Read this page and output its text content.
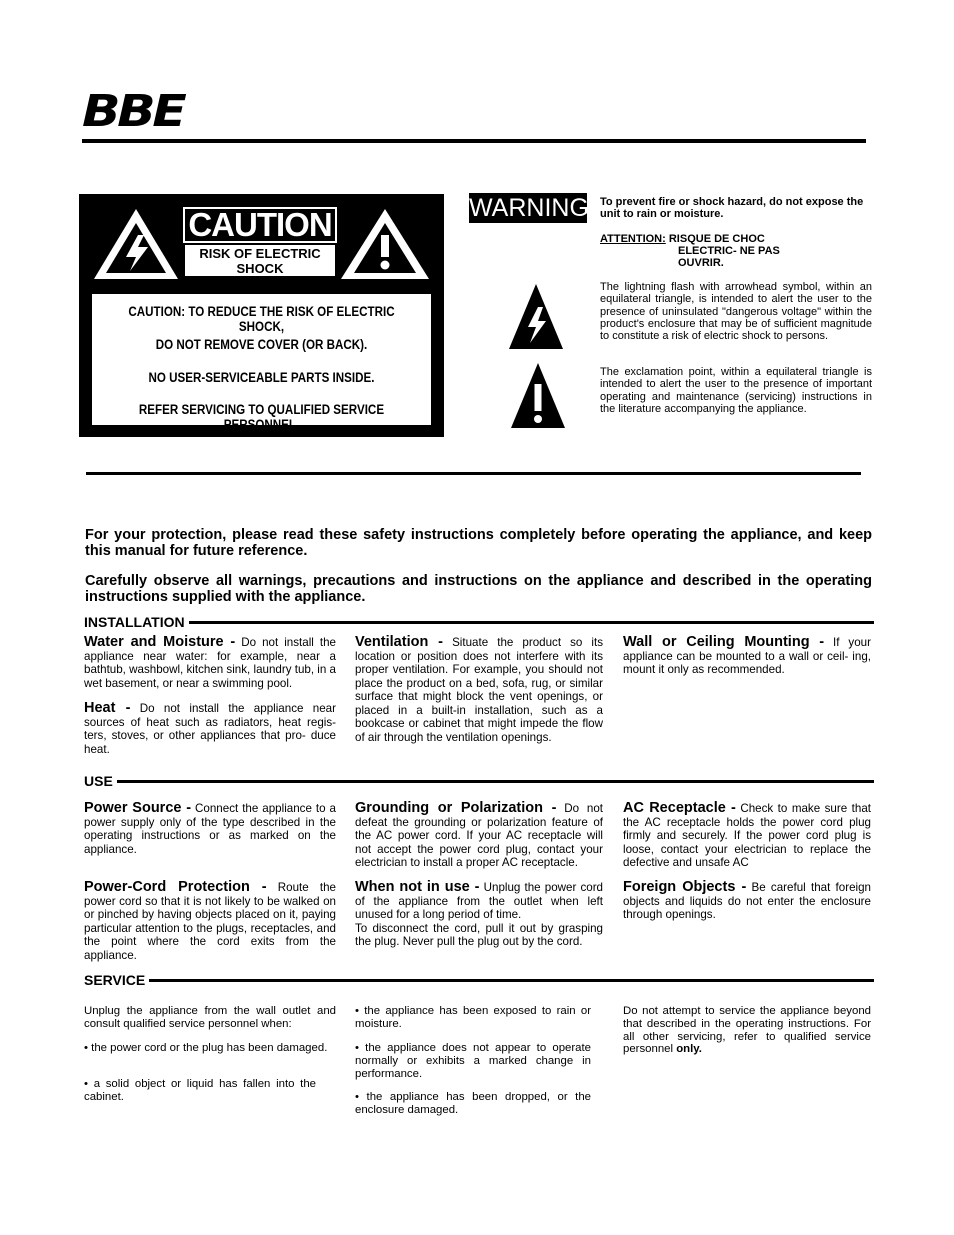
BBE
CAUTION
RISK OF ELECTRIC SHOCK
DO NOT OPEN
CAUTION: TO REDUCE THE RISK OF ELECTRIC SHOCK,
DO NOT REMOVE COVER (OR BACK).
NO USER-SERVICEABLE PARTS INSIDE.
REFER SERVICING TO QUALIFIED SERVICE PERSONNEL.
WARNING To prevent fire or shock hazard, do not expose the unit to rain or moisture.
ATTENTION: RISQUE DE CHOC
ELECTRIC- NE PAS
OUVRIR.
The lightning flash with arrowhead symbol, within an equilateral triangle, is intended to alert the user to the presence of uninsulated "dangerous voltage" within the product's enclosure that may be of sufficient magnitude to constitute a risk of electric shock to persons.
The exclamation point, within a equilateral triangle is intended to alert the user to the presence of important operating and maintenance (servicing) instructions in the literature accompanying the appliance.
For your protection, please read these safety instructions completely before operating the appliance, and keep this manual for future reference.
Carefully observe all warnings, precautions and instructions on the appliance and described in the operating instructions supplied with the appliance.
INSTALLATION
Water and Moisture - Do not install the appliance near water: for example, near a bathtub, washbowl, kitchen sink, laundry tub, in a wet basement, or near a swimming pool.
Heat - Do not install the appliance near sources of heat such as radiators, heat regis- ters, stoves, or other appliances that pro- duce heat.
Ventilation - Situate the product so its location or position does not interfere with its proper ventilation. For example, you should not place the product on a bed, sofa, rug, or similar surface that might block the vent openings, or placed in a built-in installation, such as a bookcase or cabinet that might impede the flow of air through the ventilation openings.
Wall or Ceiling Mounting - If your appliance can be mounted to a wall or ceil- ing, mount it only as recommended.
USE
Power Source - Connect the appliance to a power supply only of the type described in the operating instructions or as marked on the appliance.
Grounding or Polarization - Do not defeat the grounding or polarization feature of the AC power cord. If your AC receptacle will not accept the power cord plug, contact your electrician to install a proper AC receptacle.
AC Receptacle - Check to make sure that the AC receptacle holds the power cord plug firmly and securely. If the power cord plug is loose, contact your electrician to replace the defective and unsafe AC
Power-Cord Protection - Route the power cord so that it is not likely to be walked on or pinched by having objects placed on it, paying particular attention to the plugs, receptacles, and the point where the cord exits from the appliance.
When not in use - Unplug the power cord of the appliance from the outlet when left unused for a long period of time.
To disconnect the cord, pull it out by grasping the plug. Never pull the plug out by the cord.
Foreign Objects - Be careful that foreign objects and liquids do not enter the enclosure through openings.
SERVICE
Unplug the appliance from the wall outlet and consult qualified service personnel when:
• the power cord or the plug has been damaged.
• a solid object or liquid has fallen into the cabinet.
• the appliance has been exposed to rain or moisture.
• the appliance does not appear to operate normally or exhibits a marked change in performance.
• the appliance has been dropped, or the enclosure damaged.
Do not attempt to service the appliance beyond that described in the operating instructions. For all other servicing, refer to qualified service personnel only.
